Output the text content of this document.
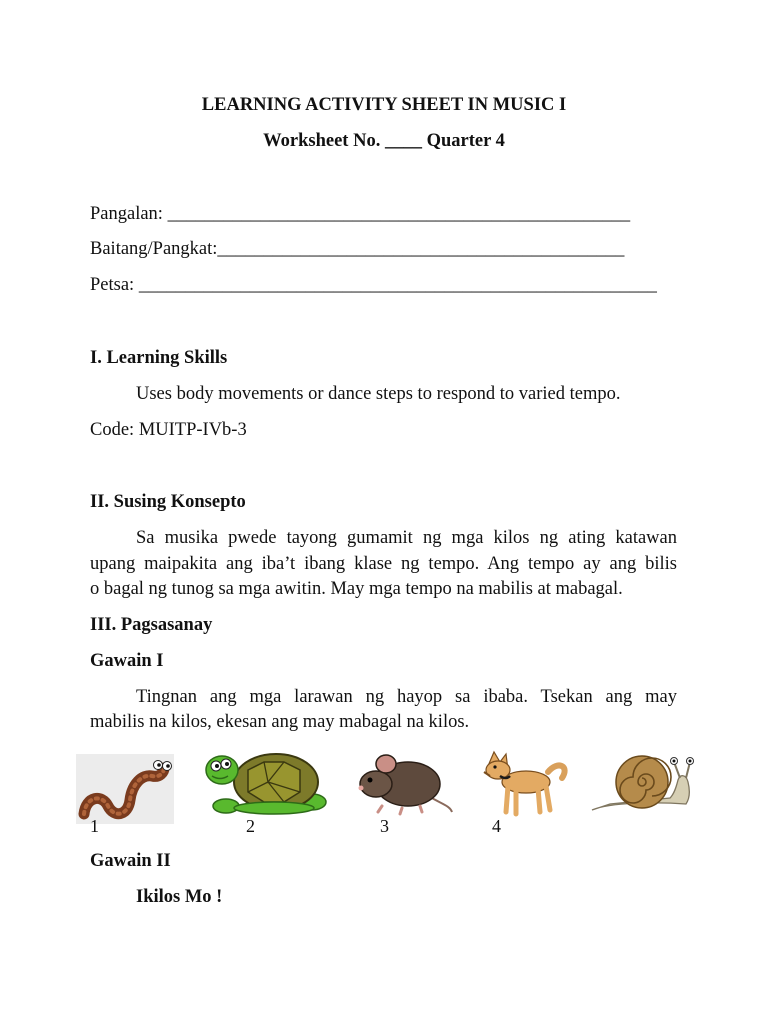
LEARNING ACTIVITY SHEET IN MUSIC I
Worksheet No. ____ Quarter 4
Pangalan: __________________________________________________
Baitang/Pangkat:____________________________________________
Petsa: ________________________________________________________
I. Learning Skills
Uses body movements or dance steps to respond to varied tempo.
Code: MUITP-IVb-3
II. Susing Konsepto
Sa musika pwede tayong gumamit ng mga kilos ng ating katawan
upang maipakita ang iba’t ibang klase ng tempo. Ang tempo ay ang bilis
o bagal ng tunog sa mga awitin. May mga tempo na mabilis at mabagal.
III. Pagsasanay
Gawain I
Tingnan ang mga larawan ng hayop sa ibaba. Tsekan ang may
mabilis na kilos, ekesan ang may mabagal na kilos.
1	2	3	4
Gawain II
Ikilos Mo !
